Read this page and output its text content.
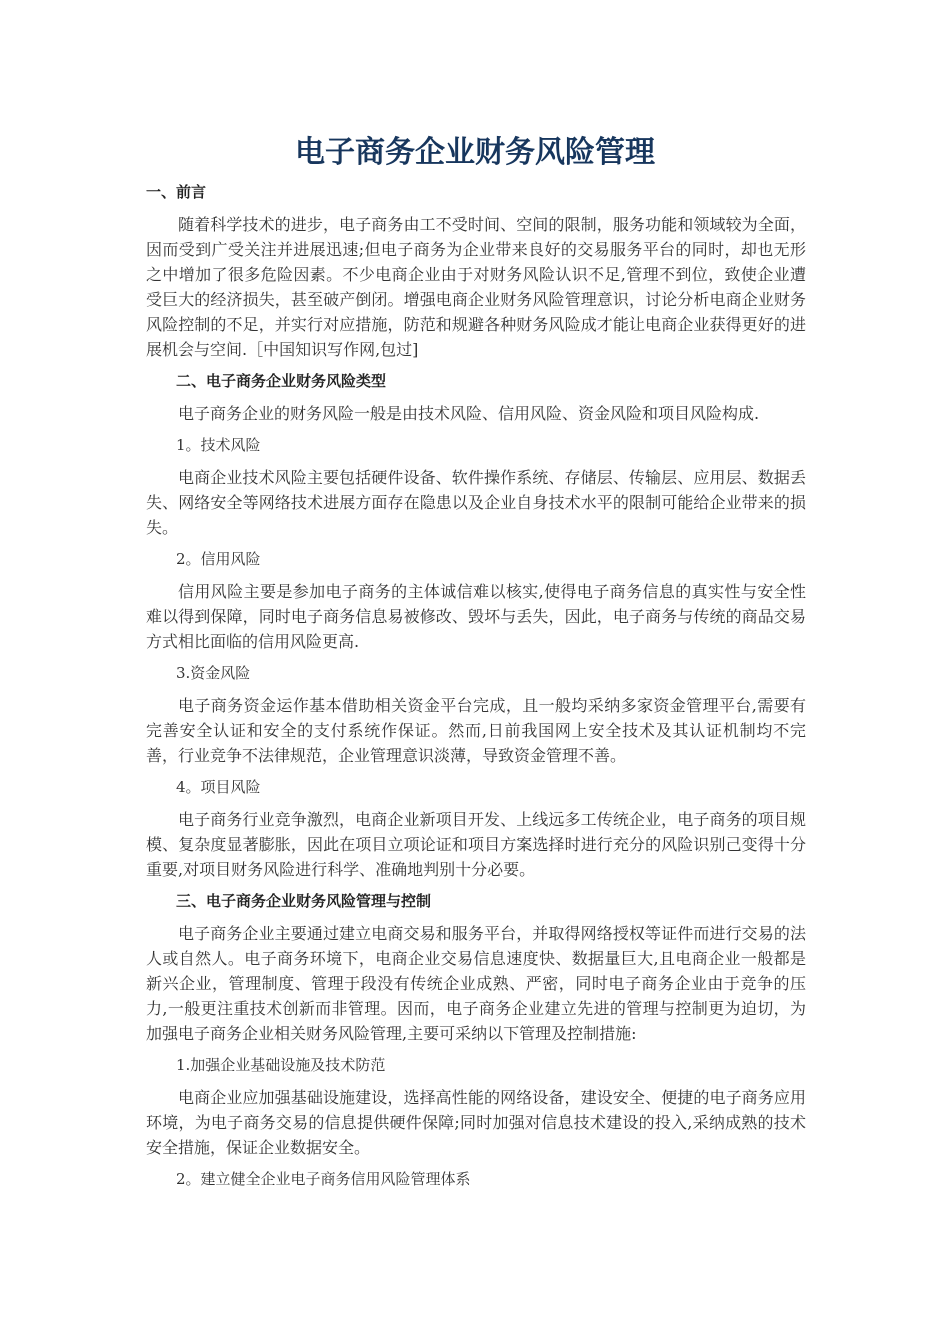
电子商务企业财务风险管理

一、前言

随着科学技术的进步，电子商务由工不受时间、空间的限制，服务功能和领域较为全面，因而受到广受关注并进展迅速;但电子商务为企业带来良好的交易服务平台的同时，却也无形之中增加了很多危险因素。不少电商企业由于对财务风险认识不足,管理不到位，致使企业遭受巨大的经济损失，甚至破产倒闭。增强电商企业财务风险管理意识，讨论分析电商企业财务风险控制的不足，并实行对应措施，防范和规避各种财务风险成才能让电商企业获得更好的进展机会与空间.［中国知识写作网,包过]

二、电子商务企业财务风险类型

电子商务企业的财务风险一般是由技术风险、信用风险、资金风险和项目风险构成.

1。技术风险

电商企业技术风险主要包括硬件设备、软件操作系统、存储层、传输层、应用层、数据丢失、网络安全等网络技术进展方面存在隐患以及企业自身技术水平的限制可能给企业带来的损失。

2。信用风险

信用风险主要是参加电子商务的主体诚信难以核实,使得电子商务信息的真实性与安全性难以得到保障，同时电子商务信息易被修改、毁坏与丢失，因此，电子商务与传统的商品交易方式相比面临的信用风险更高.

3.资金风险

电子商务资金运作基本借助相关资金平台完成，且一般均采纳多家资金管理平台,需要有完善安全认证和安全的支付系统作保证。然而,日前我国网上安全技术及其认证机制均不完善，行业竞争不法律规范，企业管理意识淡薄，导致资金管理不善。

4。项目风险

电子商务行业竞争激烈，电商企业新项目开发、上线远多工传统企业，电子商务的项目规模、复杂度显著膨胀，因此在项目立项论证和项目方案选择时进行充分的风险识别己变得十分重要,对项目财务风险进行科学、准确地判别十分必要。

三、电子商务企业财务风险管理与控制

电子商务企业主要通过建立电商交易和服务平台，并取得网络授权等证件而进行交易的法人或自然人。电子商务环境下，电商企业交易信息速度快、数据量巨大,且电商企业一般都是新兴企业，管理制度、管理于段没有传统企业成熟、严密，同时电子商务企业由于竞争的压力,一般更注重技术创新而非管理。因而，电子商务企业建立先进的管理与控制更为迫切，为加强电子商务企业相关财务风险管理,主要可采纳以下管理及控制措施:

1.加强企业基础设施及技术防范

电商企业应加强基础设施建设，选择高性能的网络设备，建设安全、便捷的电子商务应用环境，为电子商务交易的信息提供硬件保障;同时加强对信息技术建设的投入,采纳成熟的技术安全措施，保证企业数据安全。

2。建立健全企业电子商务信用风险管理体系
